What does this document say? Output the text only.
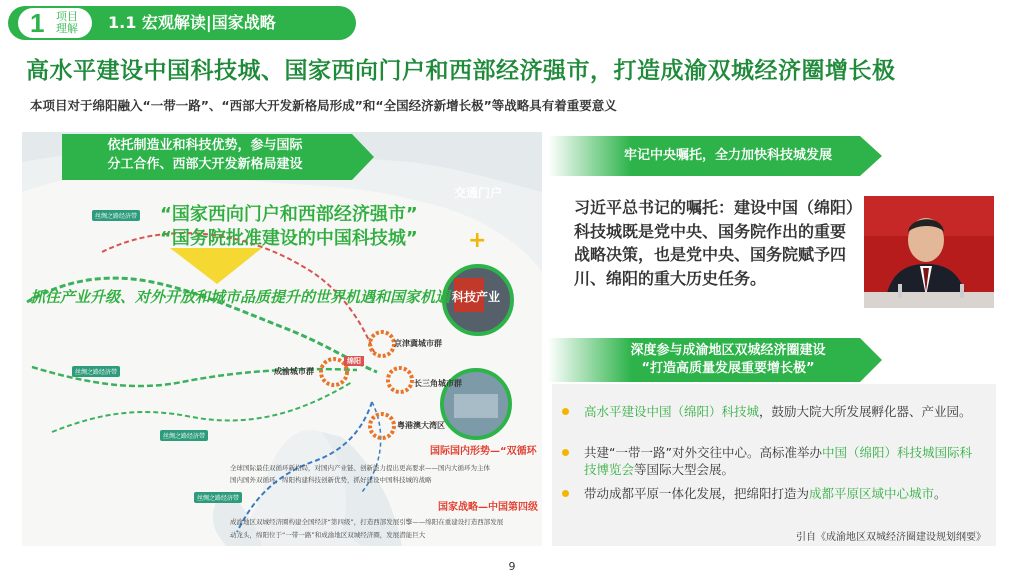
1 项目
理解	1.1 宏观解读|国家战略
高水平建设中国科技城、国家西向门户和西部经济强市，打造成渝双城经济圈增长极
本项目对于绵阳融入“一带一路”、“西部大开发新格局形成”和“全国经济新增长极”等战略具有着重要意义
依托制造业和科技优势，参与国际
分工合作、西部大开发新格局建设
“国家西向门户和西部经济强市”
“国务院批准建设的中国科技城”
抓住产业升级、对外开放和城市品质提升的世界机遇和国家机遇
交通门户
+
科技产业
丝绸之路经济带
丝绸之路经济带
丝绸之路经济带
丝绸之路经济带
京津冀城市群
绵阳
成渝城市群
长三角城市群
粤港澳大湾区
国际国内形势—“双循环
全球国际最佳双循环新格局，对国内产业链、创新能力提出更高要求——国内大循环为主体
国内国外双循环，绵阳构建科技创新优势，抓好建设中国科技城的战略
国家战略—中国第四级
成渝地区双城经济圈构建全国经济“第四级”，打造西部发展引擎——绵阳在重建设打造西部发展
动龙头，绵阳位于“一带一路”和成渝地区双城经济圈，发展潜能巨大
牢记中央嘱托，全力加快科技城发展
习近平总书记的嘱托：建设中国（绵阳）科技城既是党中央、国务院作出的重要战略决策，也是党中央、国务院赋予四川、绵阳的重大历史任务。
深度参与成渝地区双城经济圈建设
“打造高质量发展重要增长极”
高水平建设中国（绵阳）科技城，鼓励大院大所发展孵化器、产业园。
共建“一带一路”对外交往中心。高标准举办中国（绵阳）科技城国际科技博览会等国际大型会展。
带动成都平原一体化发展，把绵阳打造为成都平原区域中心城市。
引自《成渝地区双城经济圈建设规划纲要》
9
